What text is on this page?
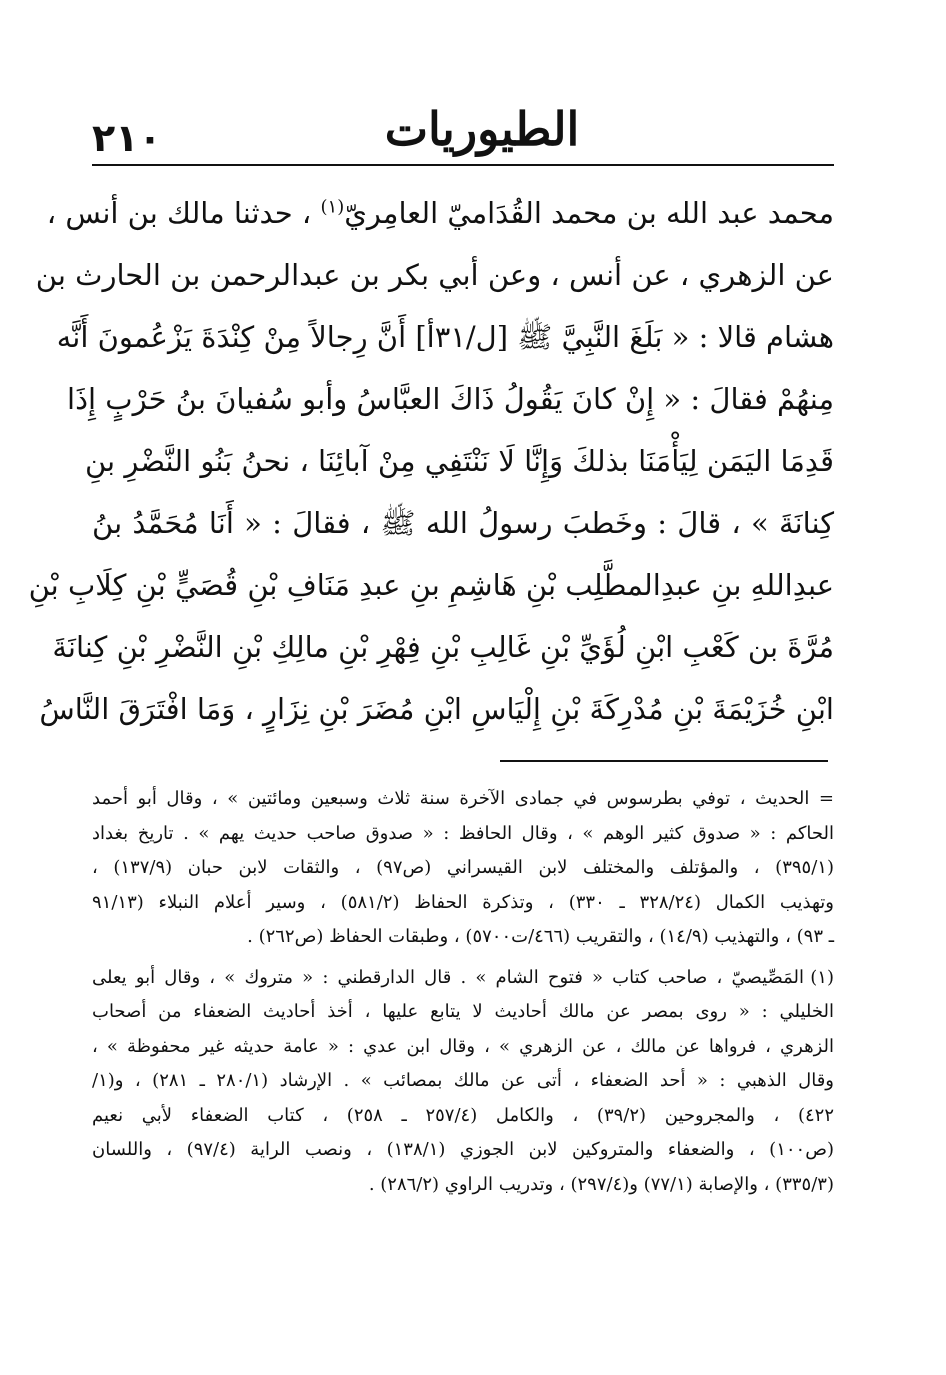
٢١٠	الطيوريات
محمد عبد الله بن محمد القُدَاميّ العامِريّ$^{(١)}$ ، حدثنا مالك بن أنس ،
عن الزهري ، عن أنس ، وعن أبي بكر بن عبدالرحمن بن الحارث بن
هشام قالا : « بَلَغَ النَّبِيَّ ﷺ [ل/٣١أ] أَنَّ رِجالاً مِنْ كِنْدَةَ يَزْعُمونَ أَنَّه
مِنهُمْ فقالَ : « إِنْ كانَ يَقُولُ ذَاكَ العبَّاسُ وأبو سُفيانَ بنُ حَرْبٍ إِذَا
قَدِمَا اليَمَن لِيَأْمَنَا بذلكَ وَإِنَّا لَا نَنْتَفِي مِنْ آبائِنَا ، نحنُ بَنُو النَّضْرِ بنِ
كِنانَةَ » ، قالَ : وخَطبَ رسولُ الله ﷺ ، فقالَ : « أَنَا مُحَمَّدُ بنُ
عبدِاللهِ بنِ عبدِالمطَّلِب بْنِ هَاشِمِ بنِ عبدِ مَنَافِ بْنِ قُصَيٍّ بْنِ كِلَابِ بْنِ
مُرَّةَ بن كَعْبِ ابْنِ لُؤَيِّ بْنِ غَالِبِ بْنِ فِهْرِ بْنِ مالِكِ بْنِ النَّضْرِ بْنِ كِنانَةَ
ابْنِ خُزَيْمَةَ بْنِ مُدْرِكَةَ بْنِ إِلْيَاسِ ابْنِ مُضَرَ بْنِ نِزَارٍ ، وَمَا افْتَرَقَ النَّاسُ
= الحديث ، توفي بطرسوس في جمادى الآخرة سنة ثلاث وسبعين ومائتين » ، وقال أبو أحمد
الحاكم : « صدوق كثير الوهم » ، وقال الحافظ : « صدوق صاحب حديث يهم » . تاريخ بغداد
(٣٩٥/١) ، والمؤتلف والمختلف لابن القيسراني (ص٩٧) ، والثقات لابن حبان (١٣٧/٩) ،
وتهذيب الكمال (٣٢٨/٢٤ ـ ٣٣٠) ، وتذكرة الحفاظ (٥٨١/٢) ، وسير أعلام النبلاء (٩١/١٣
ـ ٩٣) ، والتهذيب (١٤/٩) ، والتقريب (٤٦٦/ت٥٧٠٠) ، وطبقات الحفاظ (ص٢٦٢) .
(١)المَصِّيصيّ ، صاحب كتاب « فتوح الشام » . قال الدارقطني : « متروك » ، وقال أبو يعلى
الخليلي : « روى بمصر عن مالك أحاديث لا يتابع عليها ، أخذ أحاديث الضعفاء من أصحاب
الزهري ، فرواها عن مالك ، عن الزهري » ، وقال ابن عدي : « عامة حديثه غير محفوظة » ،
وقال الذهبي : « أحد الضعفاء ، أتى عن مالك بمصائب » . الإرشاد (٢٨٠/١ ـ ٢٨١) ، و(١/
٤٢٢) ، والمجروحين (٣٩/٢) ، والكامل (٢٥٧/٤ ـ ٢٥٨) ، كتاب الضعفاء لأبي نعيم
(ص١٠٠) ، والضعفاء والمتروكين لابن الجوزي (١٣٨/١) ، ونصب الراية (٩٧/٤) ، واللسان
(٣٣٥/٣) ، والإصابة (٧٧/١) و(٢٩٧/٤) ، وتدريب الراوي (٢٨٦/٢) .
